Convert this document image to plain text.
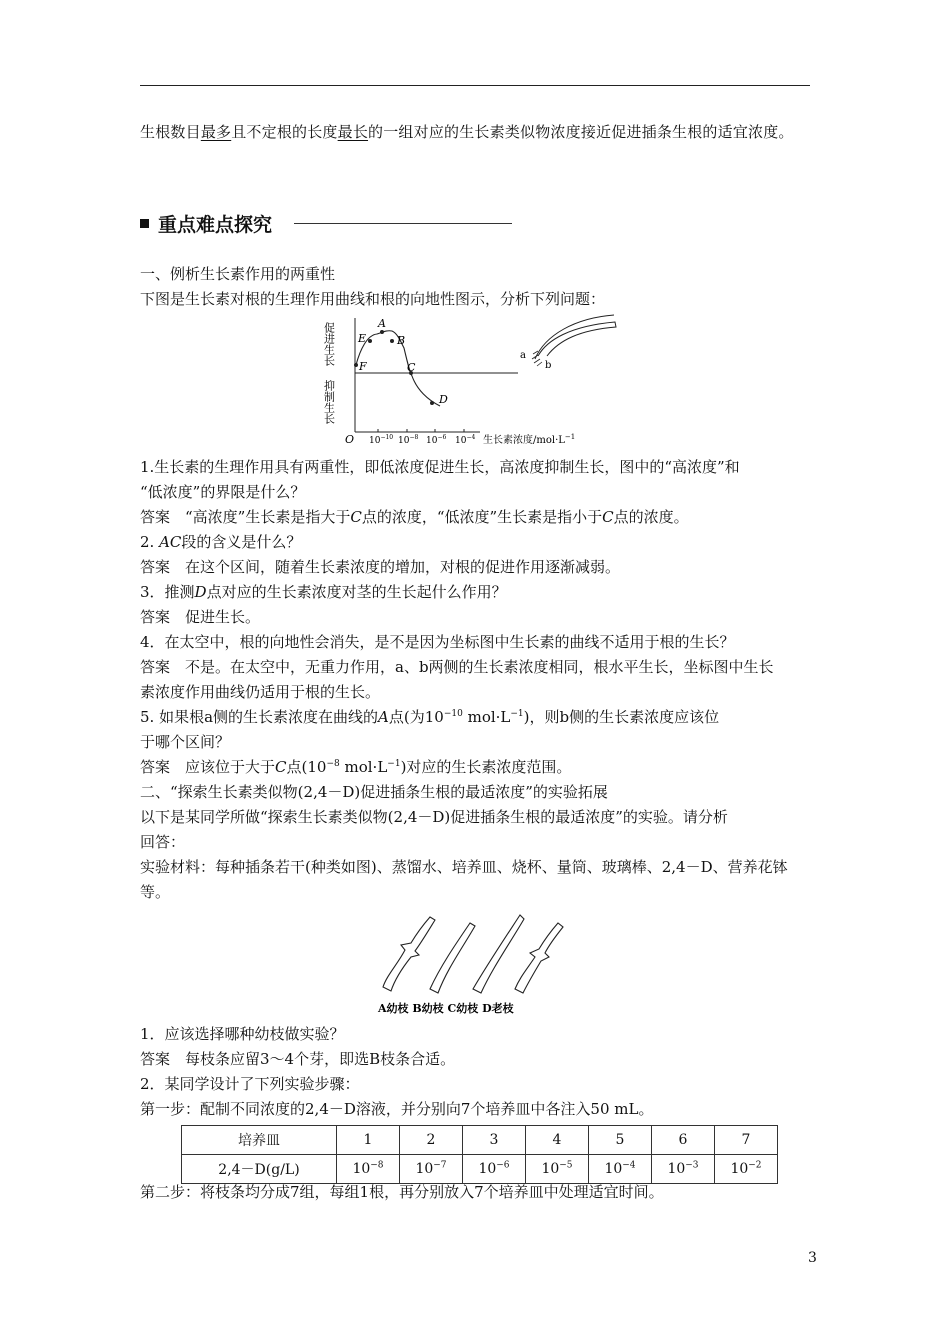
生根数目最多且不定根的长度最长的一组对应的生长素类似物浓度接近促进插条生根的适宜浓度。
重点难点探究
一、例析生长素作用的两重性
下图是生长素对根的生理作用曲线和根的向地性图示，分析下列问题：
促进生长
抑制生长
O $10^{-10}$ $10^{-8}$ $10^{-6}$ $10^{-4}$ 生长素浓度$/mol\cdot L^{-1}$
F
E
A
B
C
D
a
b
1.生长素的生理作用具有两重性，即低浓度促进生长，高浓度抑制生长，图中的“高浓度”和
“低浓度”的界限是什么？
答案　“高浓度”生长素是指大于C点的浓度，“低浓度”生长素是指小于C点的浓度。
2. AC段的含义是什么？
答案　在这个区间，随着生长素浓度的增加，对根的促进作用逐渐减弱。
3．推测D点对应的生长素浓度对茎的生长起什么作用？
答案　促进生长。
4．在太空中，根的向地性会消失，是不是因为坐标图中生长素的曲线不适用于根的生长？
答案　不是。在太空中，无重力作用，a、b两侧的生长素浓度相同，根水平生长，坐标图中生长
素浓度作用曲线仍适用于根的生长。
5. 如果根a侧的生长素浓度在曲线的A点(为$10^{-10}$ $mol\cdot L^{-1}$)，则b侧的生长素浓度应该位
于哪个区间？
答案　应该位于大于C点($10^{-8}$ $mol\cdot L^{-1}$)对应的生长素浓度范围。
二、“探索生长素类似物(2,4－D)促进插条生根的最适浓度”的实验拓展
以下是某同学所做“探索生长素类似物(2,4－D)促进插条生根的最适浓度”的实验。请分析
回答：
实验材料：每种插条若干(种类如图)、蒸馏水、培养皿、烧杯、量筒、玻璃棒、2,4－D、营养花钵
等。
A幼枝 B幼枝 C幼枝 D老枝
1．应该选择哪种幼枝做实验？
答案　每枝条应留3～4个芽，即选B枝条合适。
2．某同学设计了下列实验步骤：
第一步：配制不同浓度的2,4－D溶液，并分别向7个培养皿中各注入50 mL。
培养皿	1	2	3	4	5	6	7
2,4－D(g/L)	$10^{-8}$	$10^{-7}$	$10^{-6}$	$10^{-5}$	$10^{-4}$	$10^{-3}$	$10^{-2}$
第二步：将枝条均分成7组，每组1根，再分别放入7个培养皿中处理适宜时间。
3
